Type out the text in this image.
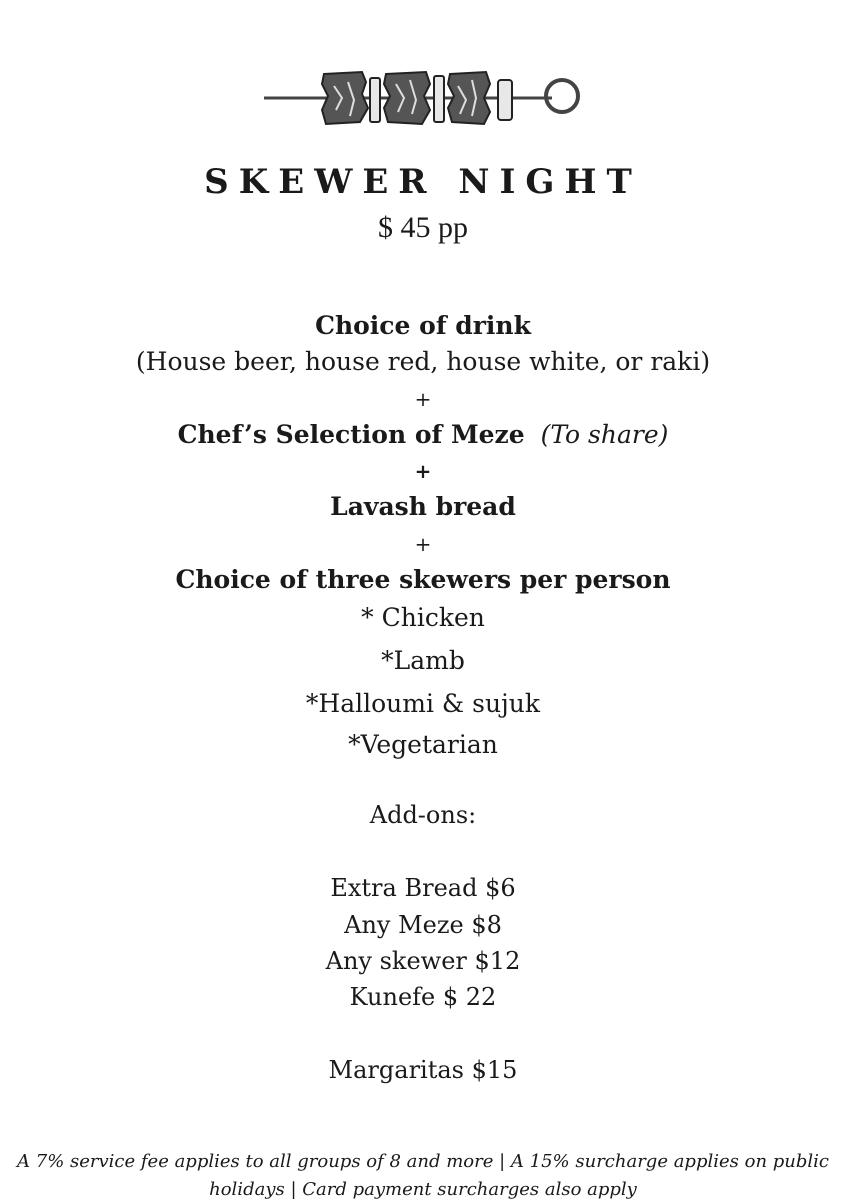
SKEWER NIGHT
$ 45 pp
Choice of drink
(House beer, house red, house white, or raki)
+
Chef’s Selection of Meze (To share)
+
Lavash bread
+
Choice of three skewers per person
* Chicken
*Lamb
*Halloumi & sujuk
*Vegetarian
Add-ons:
Extra Bread $6
Any Meze $8
Any skewer $12
Kunefe $ 22
Margaritas $15
A 7% service fee applies to all groups of 8 and more | A 15% surcharge applies on public
holidays | Card payment surcharges also apply
